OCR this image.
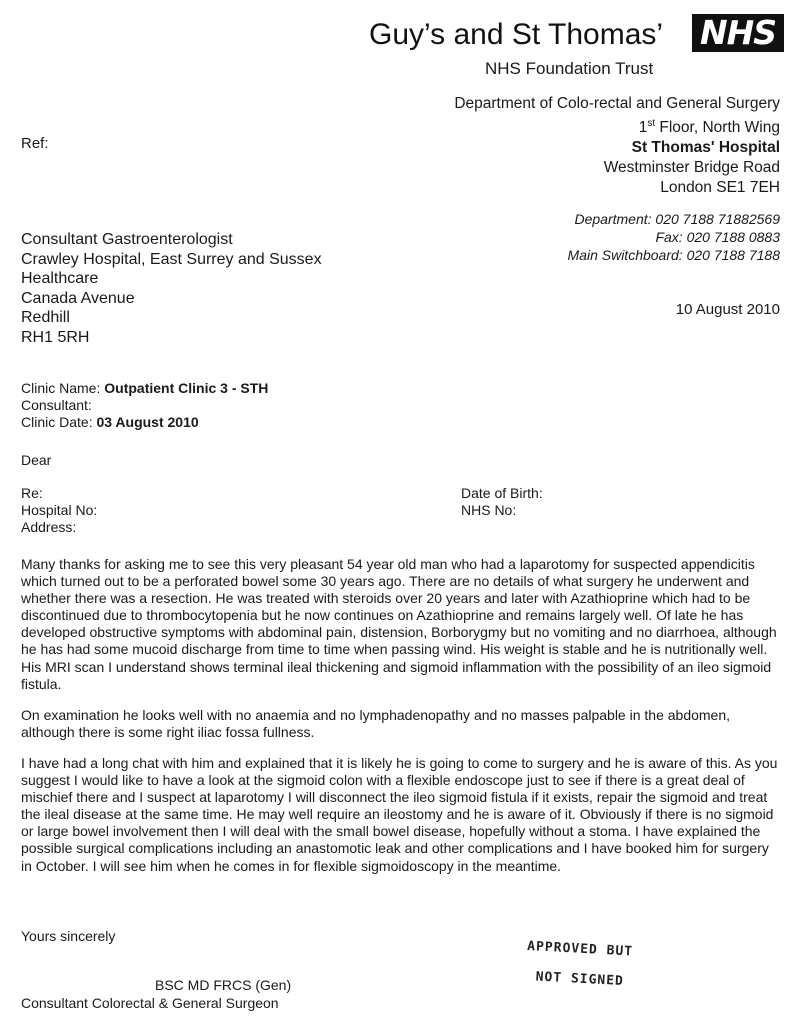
Guy’s and St Thomas’ NHS
NHS Foundation Trust
Department of Colo-rectal and General Surgery
1st Floor, North Wing
St Thomas' Hospital
Westminster Bridge Road
London SE1 7EH
Ref:
Department: 020 7188 71882569
Fax: 020 7188 0883
Main Switchboard: 020 7188 7188
Consultant Gastroenterologist
Crawley Hospital, East Surrey and Sussex
Healthcare
Canada Avenue
Redhill
RH1 5RH
10 August 2010
Clinic Name: Outpatient Clinic 3 - STH
Consultant:
Clinic Date: 03 August 2010
Dear
Re:
Hospital No:
Address:
Date of Birth:
NHS No:

Many thanks for asking me to see this very pleasant 54 year old man who had a laparotomy for suspected appendicitis which turned out to be a perforated bowel some 30 years ago. There are no details of what surgery he underwent and whether there was a resection. He was treated with steroids over 20 years and later with Azathioprine which had to be discontinued due to thrombocytopenia but he now continues on Azathioprine and remains largely well. Of late he has developed obstructive symptoms with abdominal pain, distension, Borborygmy but no vomiting and no diarrhoea, although he has had some mucoid discharge from time to time when passing wind. His weight is stable and he is nutritionally well. His MRI scan I understand shows terminal ileal thickening and sigmoid inflammation with the possibility of an ileo sigmoid fistula.

On examination he looks well with no anaemia and no lymphadenopathy and no masses palpable in the abdomen, although there is some right iliac fossa fullness.

I have had a long chat with him and explained that it is likely he is going to come to surgery and he is aware of this. As you suggest I would like to have a look at the sigmoid colon with a flexible endoscope just to see if there is a great deal of mischief there and I suspect at laparotomy I will disconnect the ileo sigmoid fistula if it exists, repair the sigmoid and treat the ileal disease at the same time. He may well require an ileostomy and he is aware of it. Obviously if there is no sigmoid or large bowel involvement then I will deal with the small bowel disease, hopefully without a stoma. I have explained the possible surgical complications including an anastomotic leak and other complications and I have booked him for surgery in October. I will see him when he comes in for flexible sigmoidoscopy in the meantime.

Yours sincerely
APPROVED BUT
NOT SIGNED
BSC MD FRCS (Gen)
Consultant Colorectal & General Surgeon
